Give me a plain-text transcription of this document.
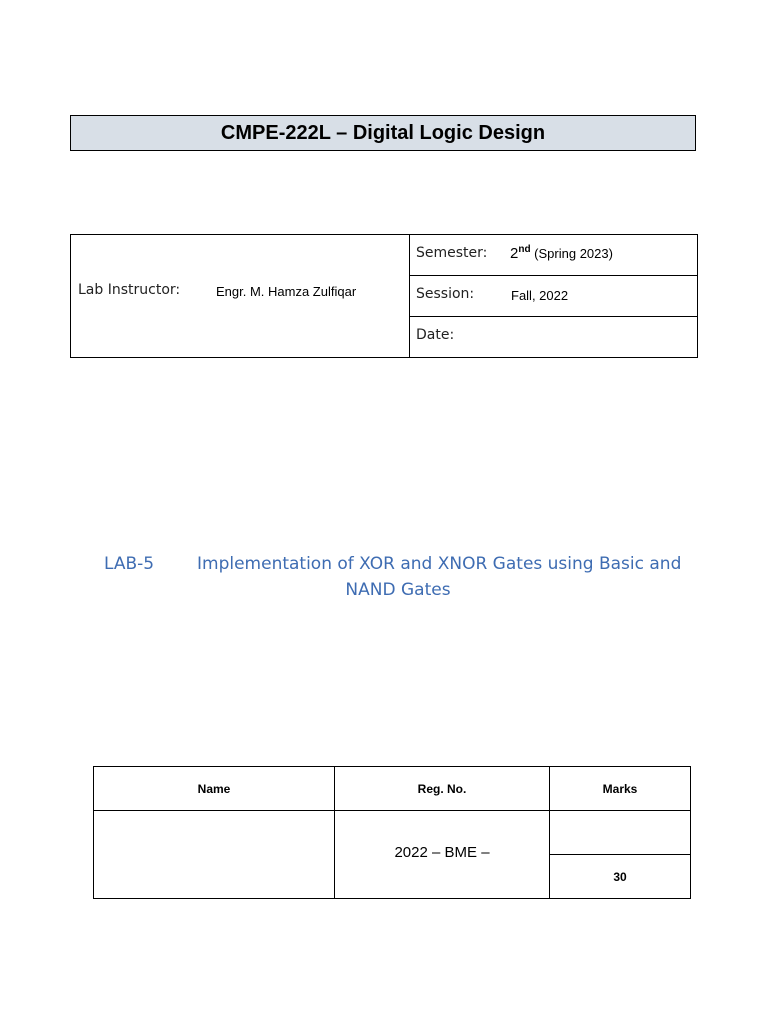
CMPE-222L – Digital Logic Design
Lab Instructor:	Engr. M. Hamza Zulfiqar

Semester: 2nd (Spring 2023)

Session:	Fall, 2022

Date:
LAB-5	Implementation of XOR and XNOR Gates using Basic and
NAND Gates
Name	Reg. No.	Marks
	2022 – BME –	
		30
